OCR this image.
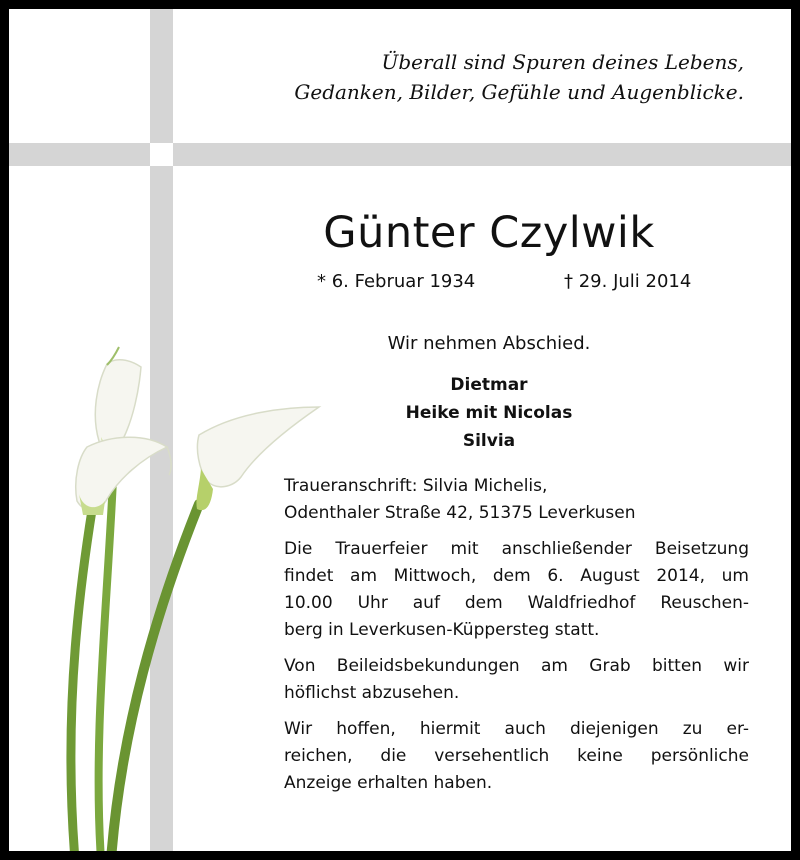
Überall sind Spuren deines Lebens,
Gedanken, Bilder, Gefühle und Augenblicke.
Günter Czylwik
* 6. Februar 1934	† 29. Juli 2014
Wir nehmen Abschied.
Dietmar
Heike mit Nicolas
Silvia
Traueranschrift: Silvia Michelis,
Odenthaler Straße 42, 51375 Leverkusen
Die Trauerfeier mit anschließender Beisetzung
findet am Mittwoch, dem 6. August 2014, um
10.00 Uhr auf dem Waldfriedhof Reuschen-
berg in Leverkusen-Küppersteg statt.
Von Beileidsbekundungen am Grab bitten wir
höflichst abzusehen.
Wir hoffen, hiermit auch diejenigen zu er-
reichen, die versehentlich keine persönliche
Anzeige erhalten haben.
